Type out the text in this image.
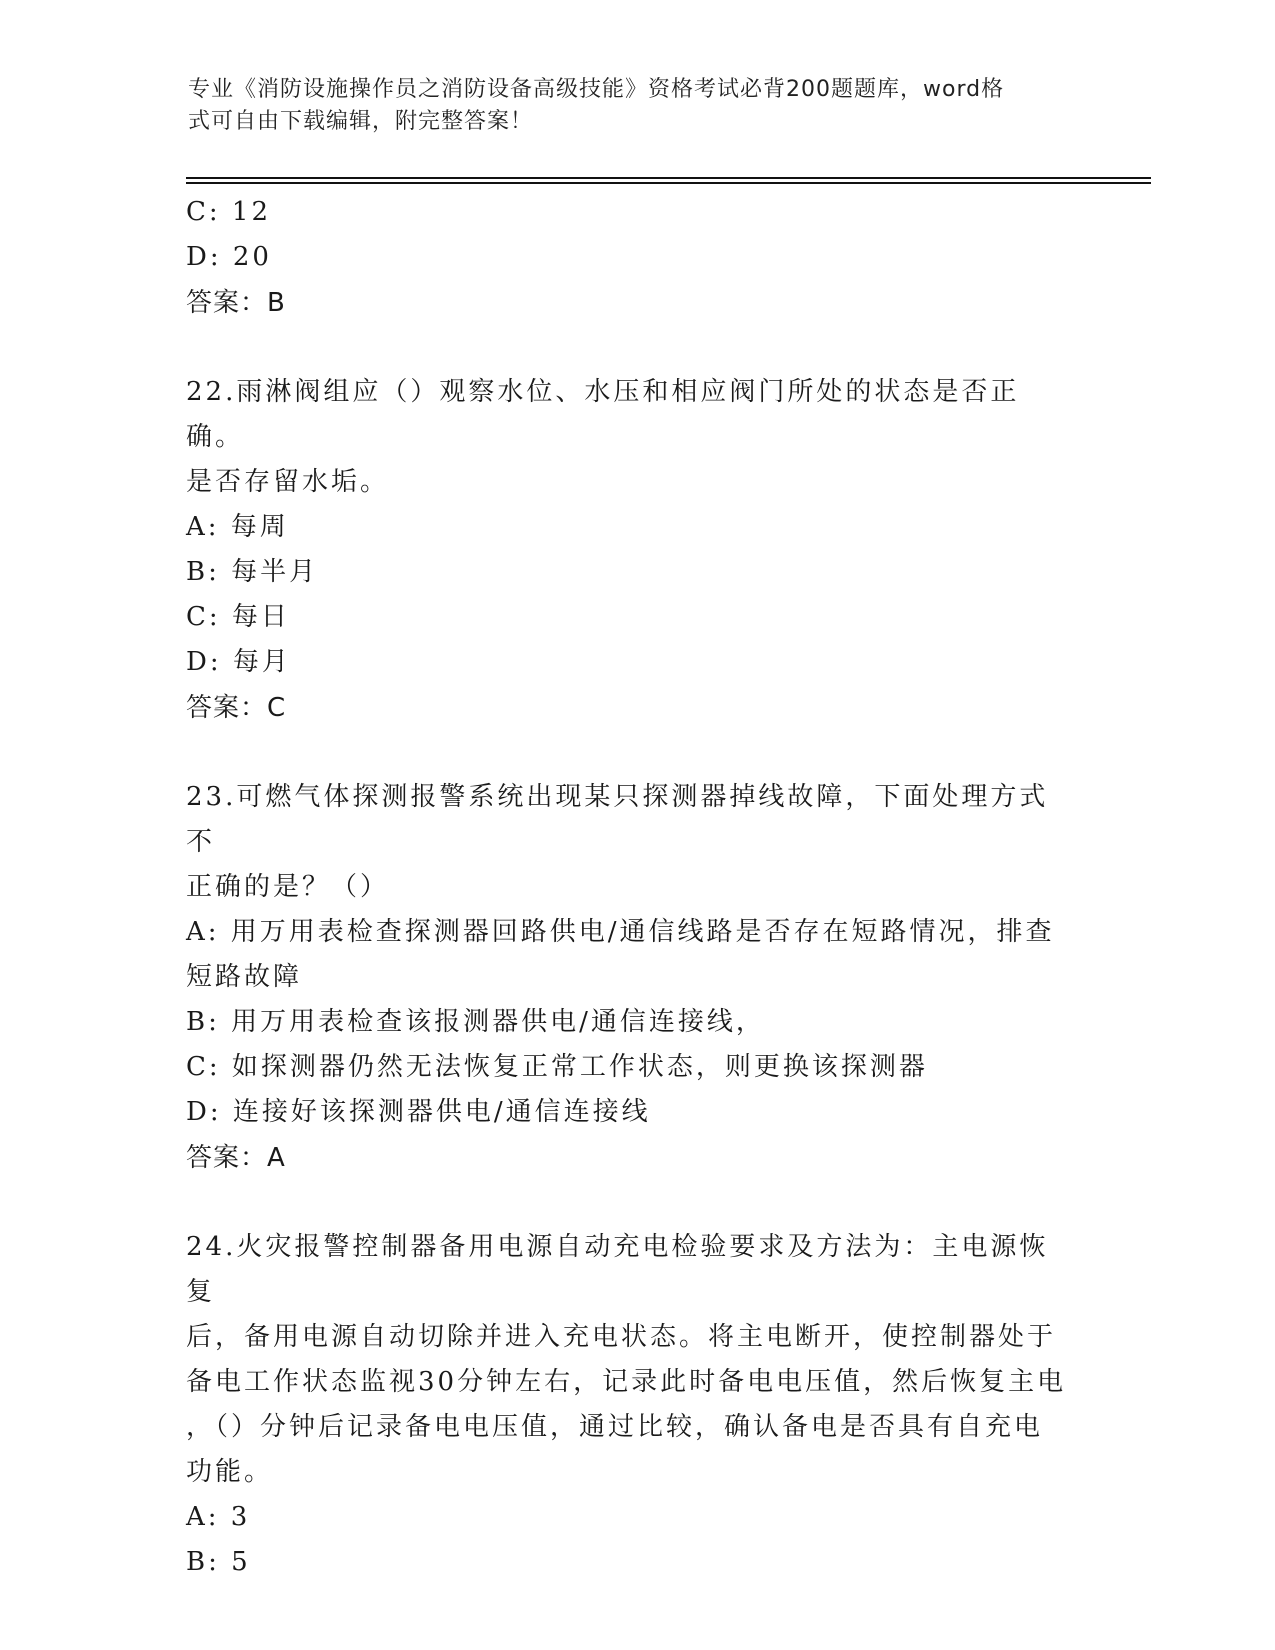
专业《消防设施操作员之消防设备高级技能》资格考试必背200题题库，word格
式可自由下载编辑，附完整答案！
C: 12
D: 20
答案：B
22.雨淋阀组应（）观察水位、水压和相应阀门所处的状态是否正确。
是否存留水垢。
A: 每周
B: 每半月
C: 每日
D: 每月
答案：C
23.可燃气体探测报警系统出现某只探测器掉线故障，下面处理方式不
正确的是？（）
A: 用万用表检查探测器回路供电/通信线路是否存在短路情况，排查
短路故障
B: 用万用表检查该报测器供电/通信连接线，
C: 如探测器仍然无法恢复正常工作状态，则更换该探测器
D: 连接好该探测器供电/通信连接线
答案：A
24.火灾报警控制器备用电源自动充电检验要求及方法为：主电源恢复
后，备用电源自动切除并进入充电状态。将主电断开，使控制器处于
备电工作状态监视30分钟左右，记录此时备电电压值，然后恢复主电
，（）分钟后记录备电电压值，通过比较，确认备电是否具有自充电
功能。
A: 3
B: 5
